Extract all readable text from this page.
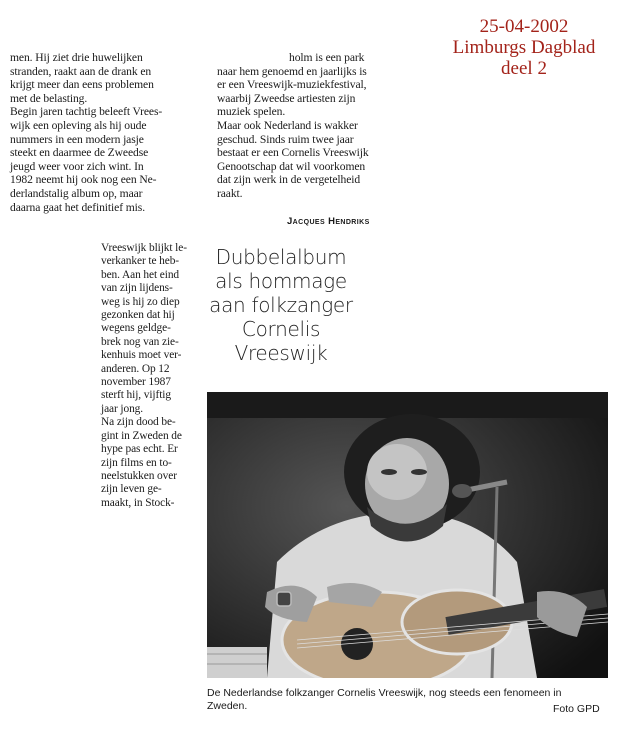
25-04-2002
Limburgs Dagblad
deel 2

men. Hij ziet drie huwelijken

stranden, raakt aan de drank en

krijgt meer dan eens problemen

met de belasting.

Begin jaren tachtig beleeft Vrees-

wijk een opleving als hij oude

nummers in een modern jasje

steekt en daarmee de Zweedse

jeugd weer voor zich wint. In

1982 neemt hij ook nog een Ne-

derlandstalig album op, maar

daarna gaat het definitief mis.

holm is een park

naar hem genoemd en jaarlijks is

er een Vreeswijk-muziekfestival,

waarbij Zweedse artiesten zijn

muziek spelen.

Maar ook Nederland is wakker

geschud. Sinds ruim twee jaar

bestaat er een Cornelis Vreeswijk

Genootschap dat wil voorkomen

dat zijn werk in de vergetelheid

raakt.

Jacques Hendriks

Vreeswijk blijkt le-

verkanker te heb-

ben. Aan het eind

van zijn lijdens-

weg is hij zo diep

gezonken dat hij

wegens geldge-

brek nog van zie-

kenhuis moet ver-

anderen. Op 12

november 1987

sterft hij, vijftig

jaar jong.

Na zijn dood be-

gint in Zweden de

hype pas echt. Er

zijn films en to-

neelstukken over

zijn leven ge-

maakt, in Stock-

Dubbelalbum
als hommage
aan folkzanger
Cornelis
Vreeswijk
De Nederlandse folkzanger Cornelis Vreeswijk, nog steeds een fenomeen in Zweden.	Foto GPD
